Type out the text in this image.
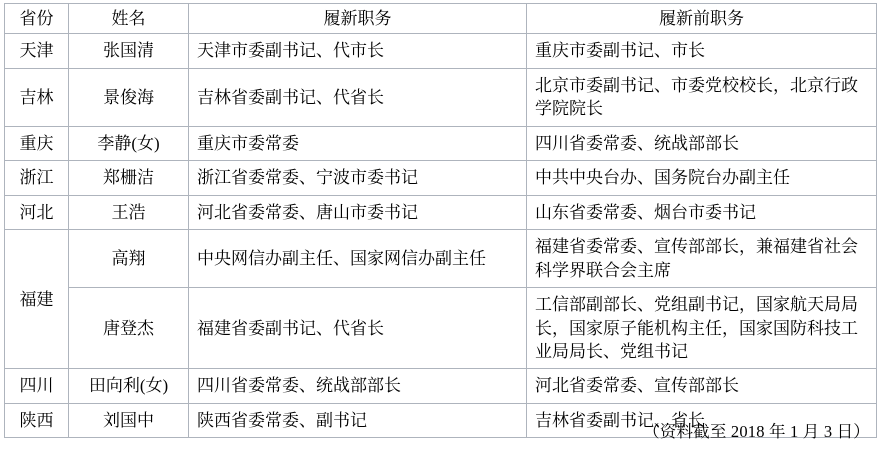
省份	姓名	履新职务	履新前职务
天津	张国清	天津市委副书记、代市长	重庆市委副书记、市长
吉林	景俊海	吉林省委副书记、代省长	北京市委副书记、市委党校校长，北京行政学院院长
重庆	李静(女)	重庆市委常委	四川省委常委、统战部部长
浙江	郑栅洁	浙江省委常委、宁波市委书记	中共中央台办、国务院台办副主任
河北	王浩	河北省委常委、唐山市委书记	山东省委常委、烟台市委书记
福建	高翔	中央网信办副主任、国家网信办副主任	福建省委常委、宣传部部长，兼福建省社会科学界联合会主席
	唐登杰	福建省委副书记、代省长	工信部副部长、党组副书记，国家航天局局长，国家原子能机构主任，国家国防科技工业局局长、党组书记
四川	田向利(女)	四川省委常委、统战部部长	河北省委常委、宣传部部长
陕西	刘国中	陕西省委常委、副书记	吉林省委副书记、省长
（资料截至 2018 年 1 月 3 日）
